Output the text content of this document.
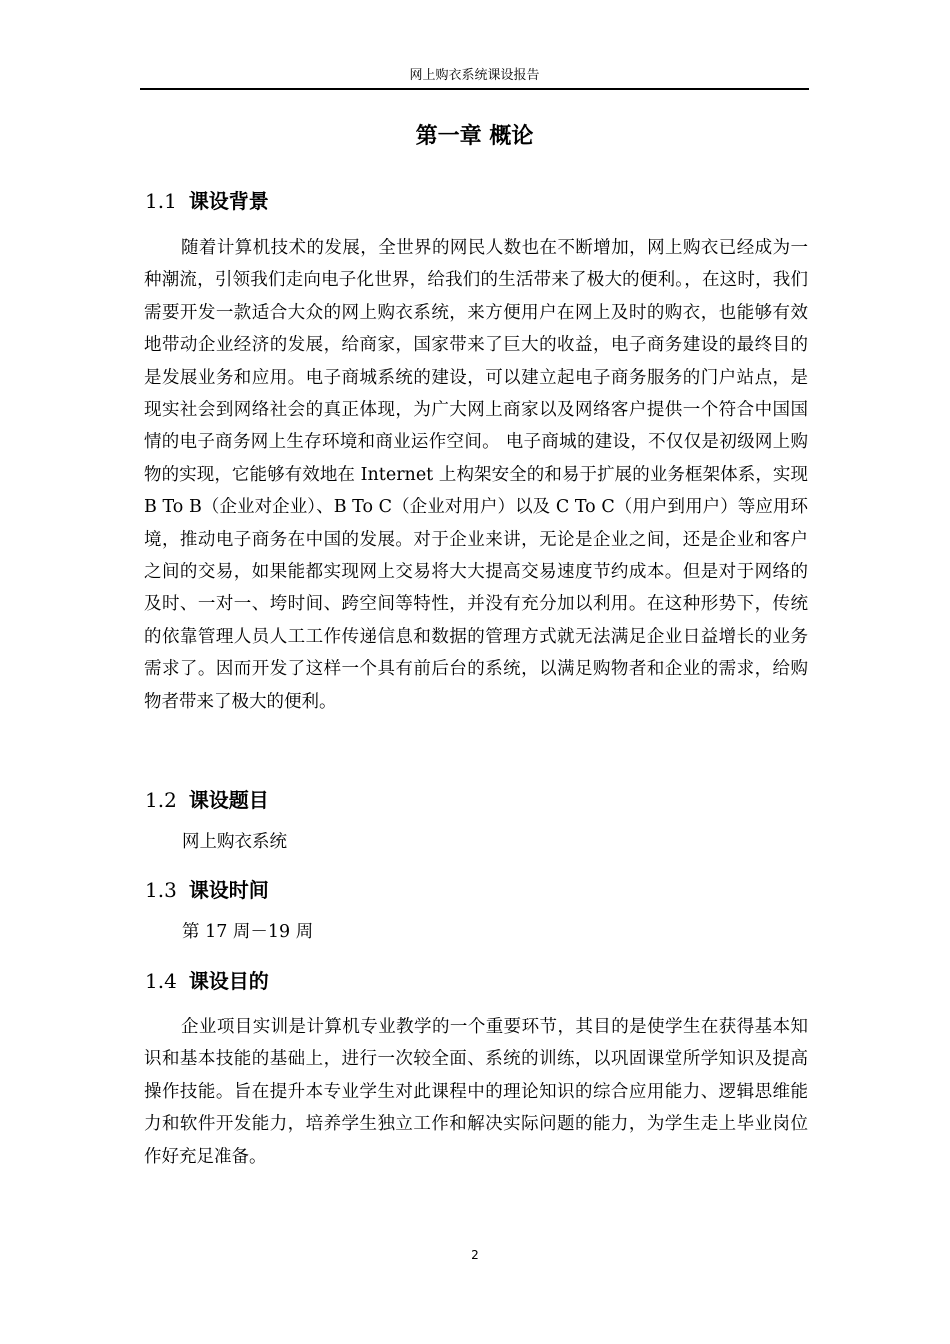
网上购衣系统课设报告
第一章 概论
1.1 课设背景

随着计算机技术的发展，全世界的网民人数也在不断增加，网上购衣已经成为一种潮流，引领我们走向电子化世界，给我们的生活带来了极大的便利。，在这时，我们需要开发一款适合大众的网上购衣系统，来方便用户在网上及时的购衣，也能够有效地带动企业经济的发展，给商家，国家带来了巨大的收益，电子商务建设的最终目的是发展业务和应用。电子商城系统的建设，可以建立起电子商务服务的门户站点，是现实社会到网络社会的真正体现，为广大网上商家以及网络客户提供一个符合中国国情的电子商务网上生存环境和商业运作空间。 电子商城的建设，不仅仅是初级网上购物的实现，它能够有效地在 Internet 上构架安全的和易于扩展的业务框架体系，实现 B To B（企业对企业）、B To C（企业对用户）以及 C To C（用户到用户）等应用环境，推动电子商务在中国的发展。对于企业来讲，无论是企业之间，还是企业和客户之间的交易，如果能都实现网上交易将大大提高交易速度节约成本。但是对于网络的及时、一对一、垮时间、跨空间等特性，并没有充分加以利用。在这种形势下，传统的依靠管理人员人工工作传递信息和数据的管理方式就无法满足企业日益增长的业务需求了。因而开发了这样一个具有前后台的系统，以满足购物者和企业的需求，给购物者带来了极大的便利。

1.2 课设题目
网上购衣系统
1.3 课设时间
第 17 周－19 周
1.4 课设目的

企业项目实训是计算机专业教学的一个重要环节，其目的是使学生在获得基本知识和基本技能的基础上，进行一次较全面、系统的训练，以巩固课堂所学知识及提高操作技能。旨在提升本专业学生对此课程中的理论知识的综合应用能力、逻辑思维能力和软件开发能力，培养学生独立工作和解决实际问题的能力，为学生走上毕业岗位作好充足准备。

2
